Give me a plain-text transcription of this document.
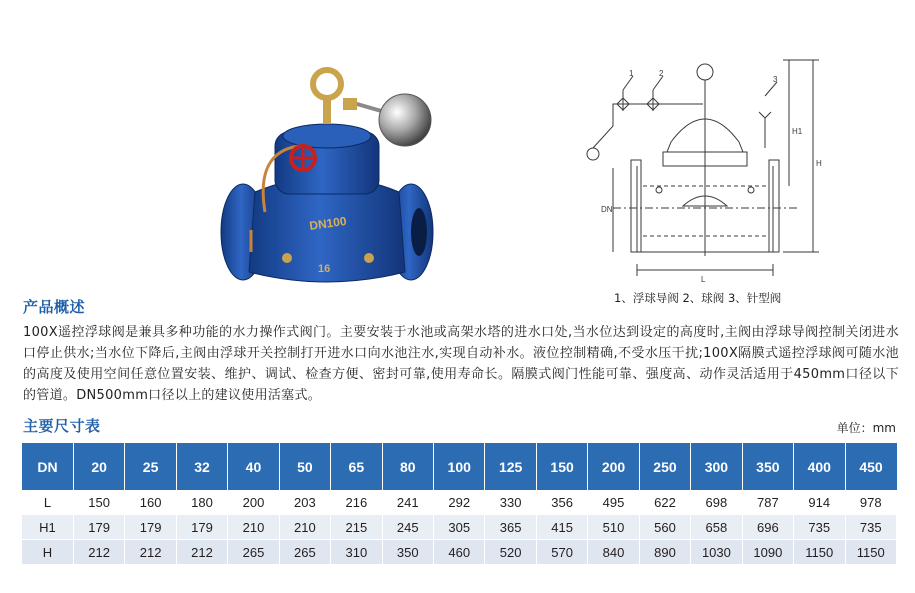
DN100
16
1	2
3
H1
H
DN
L
1、浮球导阀 2、球阀 3、针型阀
产品概述
100X遥控浮球阀是兼具多种功能的水力操作式阀门。主要安装于水池或高架水塔的进水口处,当水位达到设定的高度时,主阀由浮球导阀控制关闭进水口停止供水;当水位下降后,主阀由浮球开关控制打开进水口向水池注水,实现自动补水。液位控制精确,不受水压干扰;100X隔膜式遥控浮球阀可随水池的高度及使用空间任意位置安装、维护、调试、检查方便、密封可靠,使用寿命长。隔膜式阀门性能可靠、强度高、动作灵活适用于450mm口径以下的管道。DN500mm口径以上的建议使用活塞式。
主要尺寸表	单位：mm
DN	20	25	32	40	50	65	80	100	125	150	200	250	300	350	400	450
L	150	160	180	200	203	216	241	292	330	356	495	622	698	787	914	978
H1	179	179	179	210	210	215	245	305	365	415	510	560	658	696	735	735
H	212	212	212	265	265	310	350	460	520	570	840	890	1030	1090	1150	1150
